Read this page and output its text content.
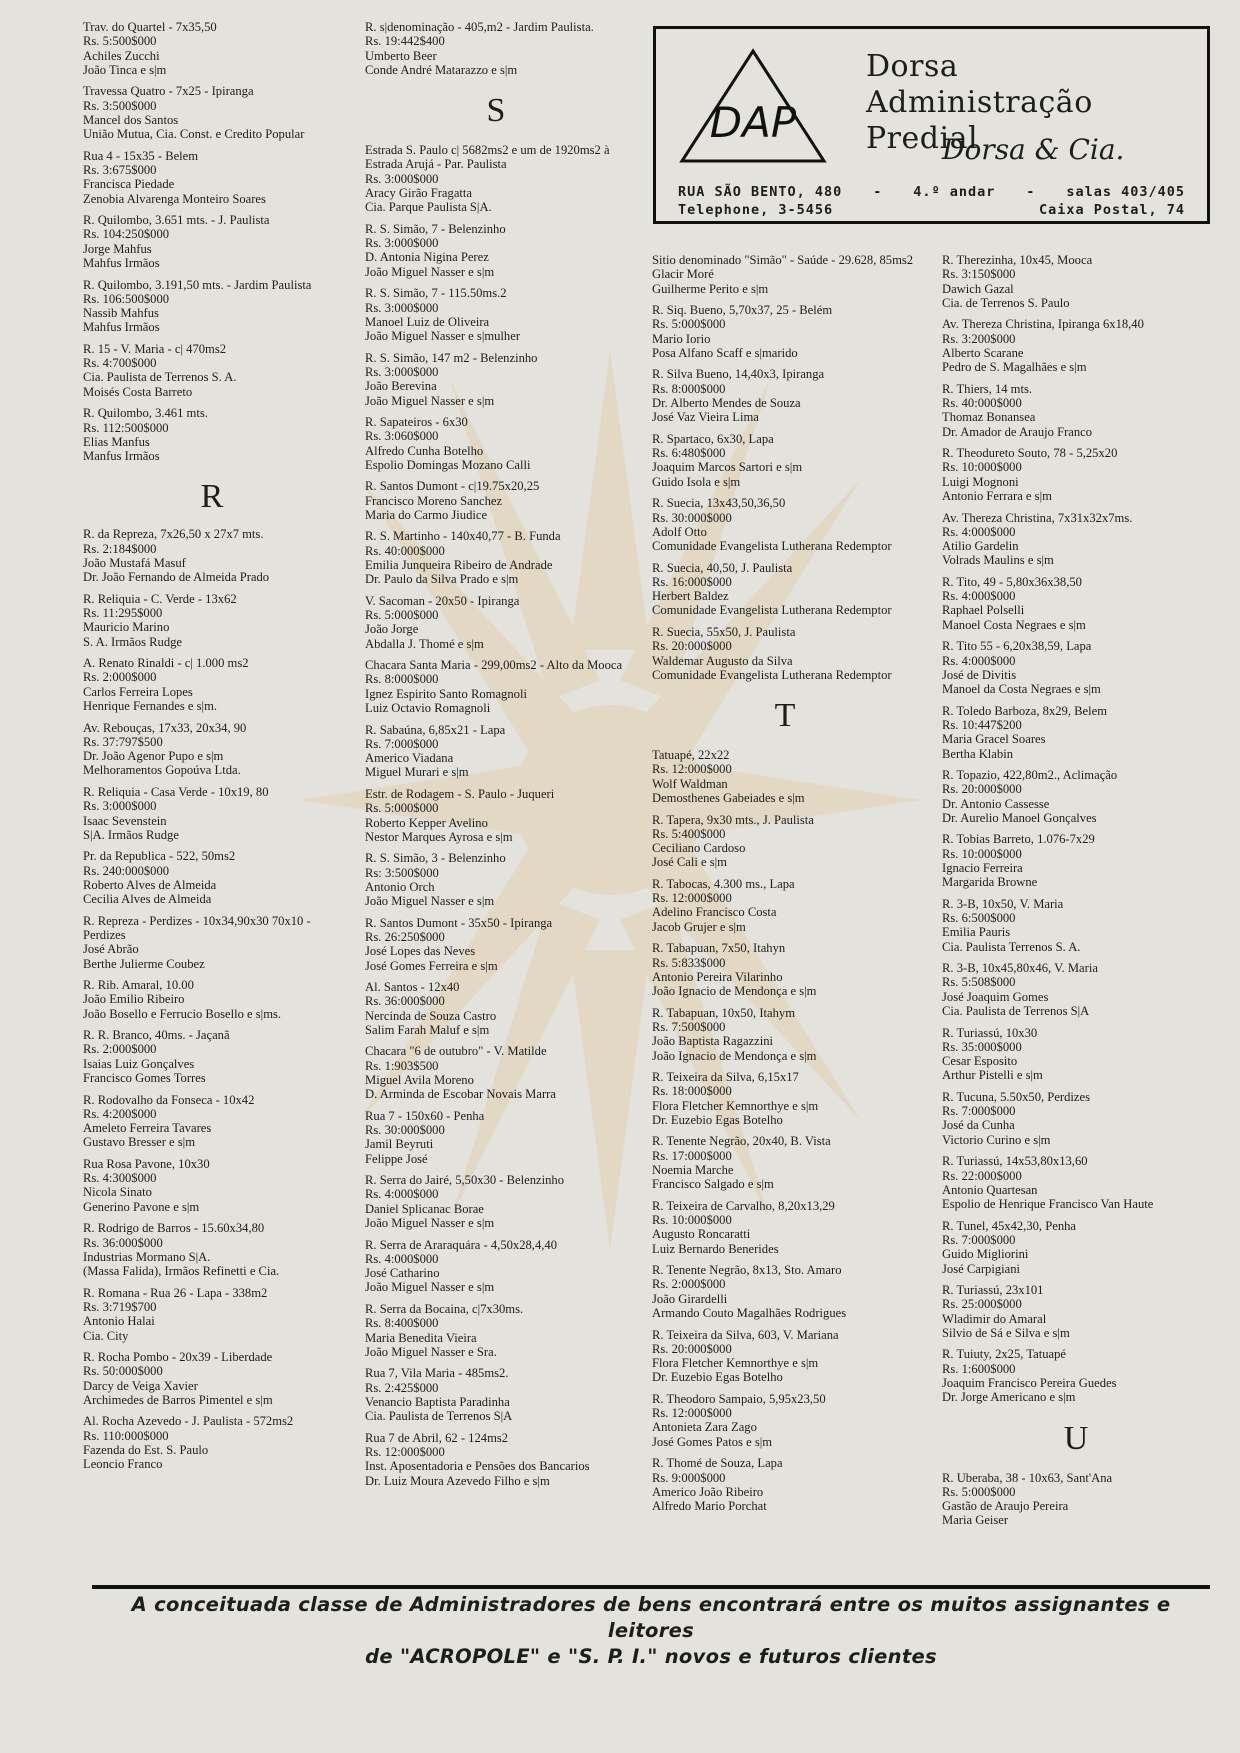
DAP
Dorsa
Administração Predial
Dorsa & Cia.
RUA SÃO BENTO, 480 - 4.º andar - salas 403/405
Telephone, 3-5456	Caixa Postal, 74
Trav. do Quartel - 7x35,50
Rs. 5:500$000
Achiles Zucchi
João Tinca e s|m
Travessa Quatro - 7x25 - Ipiranga
Rs. 3:500$000
Mancel dos Santos
União Mutua, Cia. Const. e Credito Popular
Rua 4 - 15x35 - Belem
Rs. 3:675$000
Francisca Piedade
Zenobia Alvarenga Monteiro Soares
R. Quilombo, 3.651 mts. - J. Paulista
Rs. 104:250$000
Jorge Mahfus
Mahfus Irmãos
R. Quilombo, 3.191,50 mts. - Jardim Paulista
Rs. 106:500$000
Nassib Mahfus
Mahfus Irmãos
R. 15 - V. Maria - c| 470ms2
Rs. 4:700$000
Cia. Paulista de Terrenos S. A.
Moisés Costa Barreto
R. Quilombo, 3.461 mts.
Rs. 112:500$000
Elias Manfus
Manfus Irmãos
R
R. da Repreza, 7x26,50 x 27x7 mts.
Rs. 2:184$000
João Mustafá Masuf
Dr. João Fernando de Almeida Prado
R. Reliquia - C. Verde - 13x62
Rs. 11:295$000
Mauricio Marino
S. A. Irmãos Rudge
A. Renato Rinaldi - c| 1.000 ms2
Rs. 2:000$000
Carlos Ferreira Lopes
Henrique Fernandes e s|m.
Av. Rebouças, 17x33, 20x34, 90
Rs. 37:797$500
Dr. João Agenor Pupo e s|m
Melhoramentos Gopoúva Ltda.
R. Reliquia - Casa Verde - 10x19, 80
Rs. 3:000$000
Isaac Sevenstein
S|A. Irmãos Rudge
Pr. da Republica - 522, 50ms2
Rs. 240:000$000
Roberto Alves de Almeida
Cecilia Alves de Almeida
R. Repreza - Perdizes - 10x34,90x30 70x10 - Perdizes
José Abrão
Berthe Julierme Coubez
R. Rib. Amaral, 10.00
João Emilio Ribeiro
João Bosello e Ferrucio Bosello e s|ms.
R. R. Branco, 40ms. - Jaçanã
Rs. 2:000$000
Isaias Luiz Gonçalves
Francisco Gomes Torres
R. Rodovalho da Fonseca - 10x42
Rs. 4:200$000
Ameleto Ferreira Tavares
Gustavo Bresser e s|m
Rua Rosa Pavone, 10x30
Rs. 4:300$000
Nicola Sinato
Generino Pavone e s|m
R. Rodrigo de Barros - 15.60x34,80
Rs. 36:000$000
Industrias Mormano S|A.
(Massa Falida), Irmãos Refinetti e Cia.
R. Romana - Rua 26 - Lapa - 338m2
Rs. 3:719$700
Antonio Halai
Cia. City
R. Rocha Pombo - 20x39 - Liberdade
Rs. 50:000$000
Darcy de Veiga Xavier
Archimedes de Barros Pimentel e s|m
Al. Rocha Azevedo - J. Paulista - 572ms2
Rs. 110:000$000
Fazenda do Est. S. Paulo
Leoncio Franco
R. s|denominação - 405,m2 - Jardim Paulista.
Rs. 19:442$400
Umberto Beer
Conde André Matarazzo e s|m
S
Estrada S. Paulo c| 5682ms2 e um de 1920ms2 à Estrada Arujá - Par. Paulista
Rs. 3:000$000
Aracy Girão Fragatta
Cia. Parque Paulista S|A.
R. S. Simão, 7 - Belenzinho
Rs. 3:000$000
D. Antonia Nigina Perez
João Miguel Nasser e s|m
R. S. Simão, 7 - 115.50ms.2
Rs. 3:000$000
Manoel Luiz de Oliveira
João Miguel Nasser e s|mulher
R. S. Simão, 147 m2 - Belenzinho
Rs. 3:000$000
João Berevina
João Miguel Nasser e s|m
R. Sapateiros - 6x30
Rs. 3:060$000
Alfredo Cunha Botelho
Espolio Domingas Mozano Calli
R. Santos Dumont - c|19.75x20,25
Francisco Moreno Sanchez
Maria do Carmo Jiudice
R. S. Martinho - 140x40,77 - B. Funda
Rs. 40:000$000
Emilia Junqueira Ribeiro de Andrade
Dr. Paulo da Silva Prado e s|m
V. Sacoman - 20x50 - Ipiranga
Rs. 5:000$000
João Jorge
Abdalla J. Thomé e s|m
Chacara Santa Maria - 299,00ms2 - Alto da Mooca
Rs. 8:000$000
Ignez Espirito Santo Romagnoli
Luiz Octavio Romagnoli
R. Sabaúna, 6,85x21 - Lapa
Rs. 7:000$000
Americo Viadana
Miguel Murari e s|m
Estr. de Rodagem - S. Paulo - Juqueri
Rs. 5:000$000
Roberto Kepper Avelino
Nestor Marques Ayrosa e s|m
R. S. Simão, 3 - Belenzinho
Rs: 3:500$000
Antonio Orch
João Miguel Nasser e s|m
R. Santos Dumont - 35x50 - Ipiranga
Rs. 26:250$000
José Lopes das Neves
José Gomes Ferreira e s|m
Al. Santos - 12x40
Rs. 36:000$000
Nercinda de Souza Castro
Salim Farah Maluf e s|m
Chacara "6 de outubro" - V. Matilde
Rs. 1:903$500
Miguel Avila Moreno
D. Arminda de Escobar Novais Marra
Rua 7 - 150x60 - Penha
Rs. 30:000$000
Jamil Beyruti
Felippe José
R. Serra do Jairé, 5,50x30 - Belenzinho
Rs. 4:000$000
Daniel Splicanac Borae
João Miguel Nasser e s|m
R. Serra de Araraquára - 4,50x28,4,40
Rs. 4:000$000
José Catharino
João Miguel Nasser e s|m
R. Serra da Bocaina, c|7x30ms.
Rs. 8:400$000
Maria Benedita Vieira
João Miguel Nasser e Sra.
Rua 7, Vila Maria - 485ms2.
Rs. 2:425$000
Venancio Baptista Paradinha
Cia. Paulista de Terrenos S|A
Rua 7 de Abril, 62 - 124ms2
Rs. 12:000$000
Inst. Aposentadoria e Pensões dos Bancarios
Dr. Luiz Moura Azevedo Filho e s|m
Sitio denominado "Simão" - Saúde - 29.628, 85ms2
Glacir Moré
Guilherme Perito e s|m
R. Siq. Bueno, 5,70x37, 25 - Belém
Rs. 5:000$000
Mario Iorio
Posa Alfano Scaff e s|marido
R. Silva Bueno, 14,40x3, Ipiranga
Rs. 8:000$000
Dr. Alberto Mendes de Souza
José Vaz Vieira Lima
R. Spartaco, 6x30, Lapa
Rs. 6:480$000
Joaquim Marcos Sartori e s|m
Guido Isola e s|m
R. Suecia, 13x43,50,36,50
Rs. 30:000$000
Adolf Otto
Comunidade Evangelista Lutherana Redemptor
R. Suecia, 40,50, J. Paulista
Rs. 16:000$000
Herbert Baldez
Comunidade Evangelista Lutherana Redemptor
R. Suecia, 55x50, J. Paulista
Rs. 20:000$000
Waldemar Augusto da Silva
Comunidade Evangelista Lutherana Redemptor
T
Tatuapé, 22x22
Rs. 12:000$000
Wolf Waldman
Demosthenes Gabeiades e s|m
R. Tapera, 9x30 mts., J. Paulista
Rs. 5:400$000
Ceciliano Cardoso
José Cali e s|m
R. Tabocas, 4.300 ms., Lapa
Rs. 12:000$000
Adelino Francisco Costa
Jacob Grujer e s|m
R. Tabapuan, 7x50, Itahyn
Rs. 5:833$000
Antonio Pereira Vilarinho
João Ignacio de Mendonça e s|m
R. Tabapuan, 10x50, Itahym
Rs. 7:500$000
João Baptista Ragazzini
João Ignacio de Mendonça e s|m
R. Teixeira da Silva, 6,15x17
Rs. 18:000$000
Flora Fletcher Kemnorthye e s|m
Dr. Euzebio Egas Botelho
R. Tenente Negrão, 20x40, B. Vista
Rs. 17:000$000
Noemia Marche
Francisco Salgado e s|m
R. Teixeira de Carvalho, 8,20x13,29
Rs. 10:000$000
Augusto Roncaratti
Luiz Bernardo Benerides
R. Tenente Negrão, 8x13, Sto. Amaro
Rs. 2:000$000
João Girardelli
Armando Couto Magalhães Rodrigues
R. Teixeira da Silva, 603, V. Mariana
Rs. 20:000$000
Flora Fletcher Kemnorthye e s|m
Dr. Euzebio Egas Botelho
R. Theodoro Sampaio, 5,95x23,50
Rs. 12:000$000
Antonieta Zara Zago
José Gomes Patos e s|m
R. Thomé de Souza, Lapa
Rs. 9:000$000
Americo João Ribeiro
Alfredo Mario Porchat
R. Therezinha, 10x45, Mooca
Rs. 3:150$000
Dawich Gazal
Cia. de Terrenos S. Paulo
Av. Thereza Christina, Ipiranga 6x18,40
Rs. 3:200$000
Alberto Scarane
Pedro de S. Magalhães e s|m
R. Thiers, 14 mts.
Rs. 40:000$000
Thomaz Bonansea
Dr. Amador de Araujo Franco
R. Theodureto Souto, 78 - 5,25x20
Rs. 10:000$000
Luigi Mognoni
Antonio Ferrara e s|m
Av. Thereza Christina, 7x31x32x7ms.
Rs. 4:000$000
Atilio Gardelin
Volrads Maulins e s|m
R. Tito, 49 - 5,80x36x38,50
Rs. 4:000$000
Raphael Polselli
Manoel Costa Negraes e s|m
R. Tito 55 - 6,20x38,59, Lapa
Rs. 4:000$000
José de Divitis
Manoel da Costa Negraes e s|m
R. Toledo Barboza, 8x29, Belem
Rs. 10:447$200
Maria Gracel Soares
Bertha Klabin
R. Topazio, 422,80m2., Aclimação
Rs. 20:000$000
Dr. Antonio Cassesse
Dr. Aurelio Manoel Gonçalves
R. Tobias Barreto, 1.076-7x29
Rs. 10:000$000
Ignacio Ferreira
Margarida Browne
R. 3-B, 10x50, V. Maria
Rs. 6:500$000
Emilia Pauris
Cia. Paulista Terrenos S. A.
R. 3-B, 10x45,80x46, V. Maria
Rs. 5:508$000
José Joaquim Gomes
Cia. Paulista de Terrenos S|A
R. Turiassú, 10x30
Rs. 35:000$000
Cesar Esposito
Arthur Pistelli e s|m
R. Tucuna, 5.50x50, Perdizes
Rs. 7:000$000
José da Cunha
Victorio Curino e s|m
R. Turiassú, 14x53,80x13,60
Rs. 22:000$000
Antonio Quartesan
Espolio de Henrique Francisco Van Haute
R. Tunel, 45x42,30, Penha
Rs. 7:000$000
Guido Migliorini
José Carpigiani
R. Turiassú, 23x101
Rs. 25:000$000
Wladimir do Amaral
Silvio de Sá e Silva e s|m
R. Tuiuty, 2x25, Tatuapé
Rs. 1:600$000
Joaquim Francisco Pereira Guedes
Dr. Jorge Americano e s|m
U
R. Uberaba, 38 - 10x63, Sant'Ana
Rs. 5:000$000
Gastão de Araujo Pereira
Maria Geiser
A conceituada classe de Administradores de bens encontrará entre os muitos assignantes e leitores
de "ACROPOLE" e "S. P. I." novos e futuros clientes
